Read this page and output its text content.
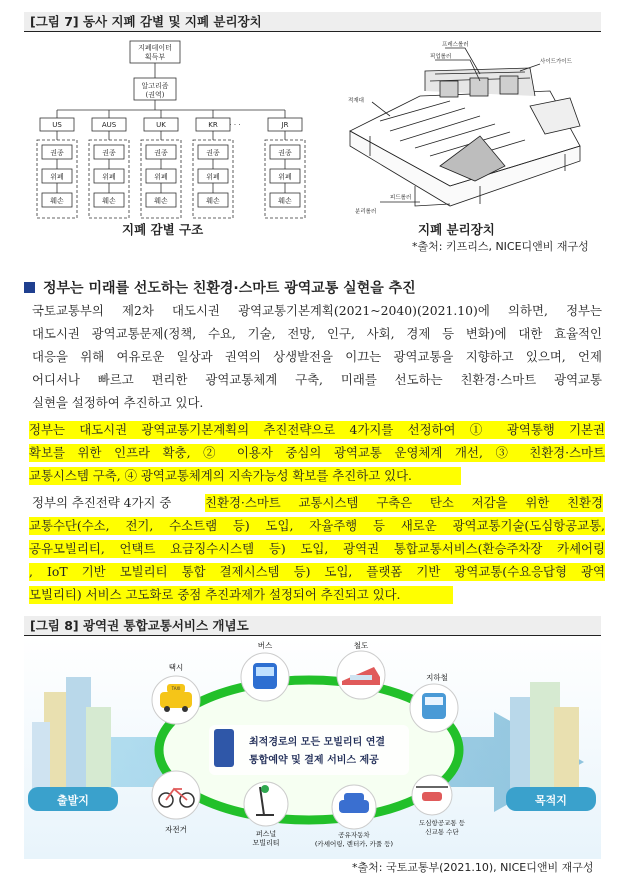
[그림 7] 동사 지폐 감별 및 지폐 분리장치
지폐데이터 획득부
알고리즘 (권역)
US
권종
위폐
훼손
AUS
권종
위폐
훼손
UK
권종
위폐
훼손
KR
권종
위폐
훼손
JR
권종
위폐
훼손
· · ·
지폐 감별 구조
프레스롤러
픽업롤러
사이드가이드
적재대
피드롤러
분리롤러
지폐 분리장치
*출처: 키프리스, NICE디앤비 재구성
정부는 미래를 선도하는 친환경·스마트 광역교통 실현을 추진
국토교통부의 제2차 대도시권 광역교통기본계획(2021~2040)(2021.10)에 의하면, 정부는
대도시권 광역교통문제(정책, 수요, 기술, 전망, 인구, 사회, 경제 등 변화)에 대한 효율적인
대응을 위해 여유로운 일상과 권역의 상생발전을 이끄는 광역교통을 지향하고 있으며, 언제
어디서나 빠르고 편리한 광역교통체계 구축, 미래를 선도하는 친환경·스마트 광역교통
실현을 설정하여 추진하고 있다.
정부는 대도시권 광역교통기본계획의 추진전략으로 4가지를 선정하여 ① 광역통행 기본권
확보를 위한 인프라 확충, ② 이용자 중심의 광역교통 운영체계 개선, ③ 친환경·스마트
교통시스템 구축, ④ 광역교통체계의 지속가능성 확보를 추진하고 있다.
정부의 추진전략 4가지 중	친환경·스마트 교통시스템 구축은 탄소 저감을 위한 친환경
교통수단(수소, 전기, 수소트램 등) 도입, 자율주행 등 새로운 광역교통기술(도심항공교통,
공유모빌리티, 언택트 요금징수시스템 등) 도입, 광역권 통합교통서비스(환승주차장 카셰어링
, IoT 기반 모빌리티 통합 결제시스템 등) 도입, 플랫폼 기반 광역교통(수요응답형 광역
모빌리티) 서비스 고도화로 중점 추진과제가 설정되어 추진되고 있다.
[그림 8] 광역권 통합교통서비스 개념도
출발지	목적지
최적경로의 모든 모빌리티 연결
통합예약 및 결제 서비스 제공
버스	철도
TAXI
택시
지하철
자전거	퍼스널 모빌리티
공유자동차 (카셰어링, 렌터카, 카풀 등)
도심항공교통 등 신교통 수단
*출처: 국토교통부(2021.10), NICE디앤비 재구성
